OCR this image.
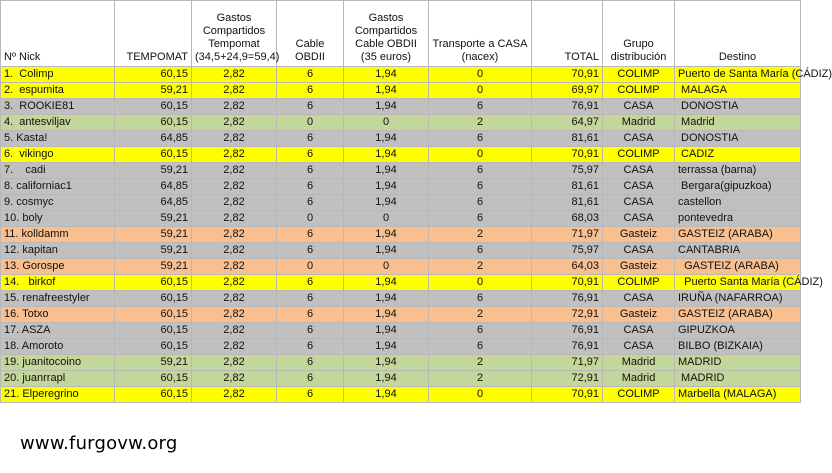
Nº Nick	TEMPOMAT	Gastos Compartidos Tempomat (34,5+24,9=59,4)	Cable OBDII	Gastos Compartidos Cable OBDII (35 euros)	Transporte a CASA (nacex)	TOTAL	Grupo distribución	Destino
1.  Colimp	60,15	2,82	6	1,94	0	70,91	COLIMP	Puerto de Santa María (CÁDIZ)
2.  espumita	59,21	2,82	6	1,94	0	69,97	COLIMP	MALAGA
3.  ROOKIE81	60,15	2,82	6	1,94	6	76,91	CASA	DONOSTIA
4.  antesviljav	60,15	2,82	0	0	2	64,97	Madrid	Madrid
5. Kasta!	64,85	2,82	6	1,94	6	81,61	CASA	DONOSTIA
6.  vikingo	60,15	2,82	6	1,94	0	70,91	COLIMP	CADIZ
7.    cadi	59,21	2,82	6	1,94	6	75,97	CASA	terrassa (barna)
8. californiac1	64,85	2,82	6	1,94	6	81,61	CASA	Bergara(gipuzkoa)
9. cosmyc	64,85	2,82	6	1,94	6	81,61	CASA	castellon
10. boly	59,21	2,82	0	0	6	68,03	CASA	pontevedra
11. kolldamm	59,21	2,82	6	1,94	2	71,97	Gasteiz	GASTEIZ (ARABA)
12. kapitan	59,21	2,82	6	1,94	6	75,97	CASA	CANTABRIA
13. Gorospe	59,21	2,82	0	0	2	64,03	Gasteiz	GASTEIZ (ARABA)
14.   birkof	60,15	2,82	6	1,94	0	70,91	COLIMP	Puerto Santa María (CÁDIZ)
15. renafreestyler	60,15	2,82	6	1,94	6	76,91	CASA	IRUÑA (NAFARROA)
16. Totxo	60,15	2,82	6	1,94	2	72,91	Gasteiz	GASTEIZ (ARABA)
17. ASZA	60,15	2,82	6	1,94	6	76,91	CASA	GIPUZKOA
18. Amoroto	60,15	2,82	6	1,94	6	76,91	CASA	BILBO (BIZKAIA)
19. juanitocoino	59,21	2,82	6	1,94	2	71,97	Madrid	MADRID
20. juanrrapl	60,15	2,82	6	1,94	2	72,91	Madrid	MADRID
21. Elperegrino	60,15	2,82	6	1,94	0	70,91	COLIMP	Marbella (MALAGA)
www.furgovw.org
